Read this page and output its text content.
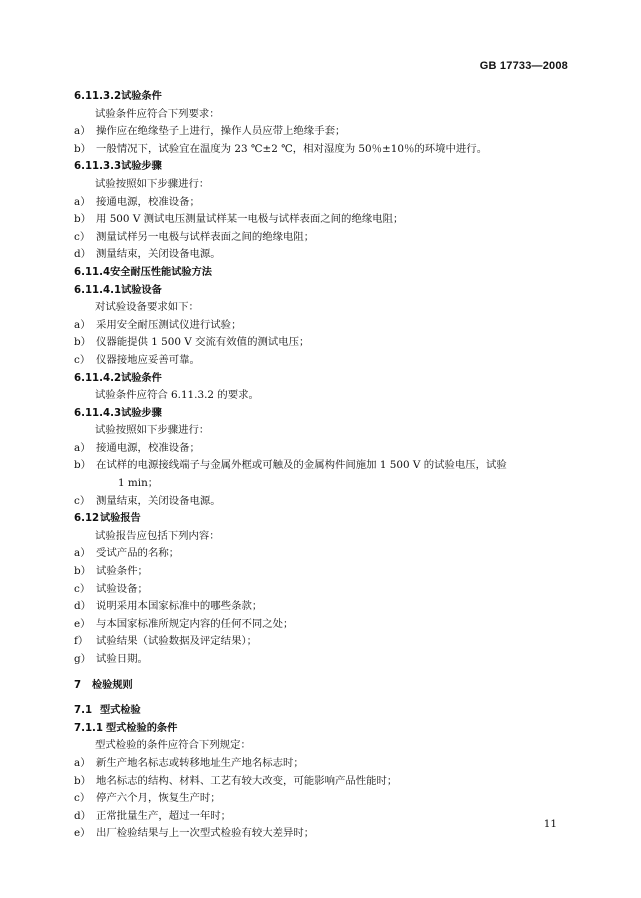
GB 17733—2008
6.11.3.2试验条件
试验条件应符合下列要求：
a） 操作应在绝缘垫子上进行，操作人员应带上绝缘手套；
b） 一般情况下，试验宜在温度为 23 ℃±2 ℃，相对湿度为 50％±10％的环境中进行。
6.11.3.3试验步骤
试验按照如下步骤进行：
a） 接通电源，校准设备；
b） 用 500 V 测试电压测量试样某一电极与试样表面之间的绝缘电阻；
c） 测量试样另一电极与试样表面之间的绝缘电阻；
d） 测量结束，关闭设备电源。
6.11.4安全耐压性能试验方法
6.11.4.1试验设备
对试验设备要求如下：
a） 采用安全耐压测试仪进行试验；
b） 仪器能提供 1 500 V 交流有效值的测试电压；
c） 仪器接地应妥善可靠。
6.11.4.2试验条件
试验条件应符合 6.11.3.2 的要求。
6.11.4.3试验步骤
试验按照如下步骤进行：
a） 接通电源，校准设备；
b） 在试样的电源接线端子与金属外框或可触及的金属构件间施加 1 500 V 的试验电压，试验
1 min；
c） 测量结束，关闭设备电源。
6.12试验报告
试验报告应包括下列内容：
a） 受试产品的名称；
b） 试验条件；
c） 试验设备；
d） 说明采用本国家标准中的哪些条款；
e） 与本国家标准所规定内容的任何不同之处；
f） 试验结果（试验数据及评定结果）；
g） 试验日期。
7 检验规则
7.1 型式检验
7.1.1 型式检验的条件
型式检验的条件应符合下列规定：
a） 新生产地名标志或转移地址生产地名标志时；
b） 地名标志的结构、材料、工艺有较大改变，可能影响产品性能时；
c） 停产六个月，恢复生产时；
d） 正常批量生产，超过一年时；
e） 出厂检验结果与上一次型式检验有较大差异时；
11
